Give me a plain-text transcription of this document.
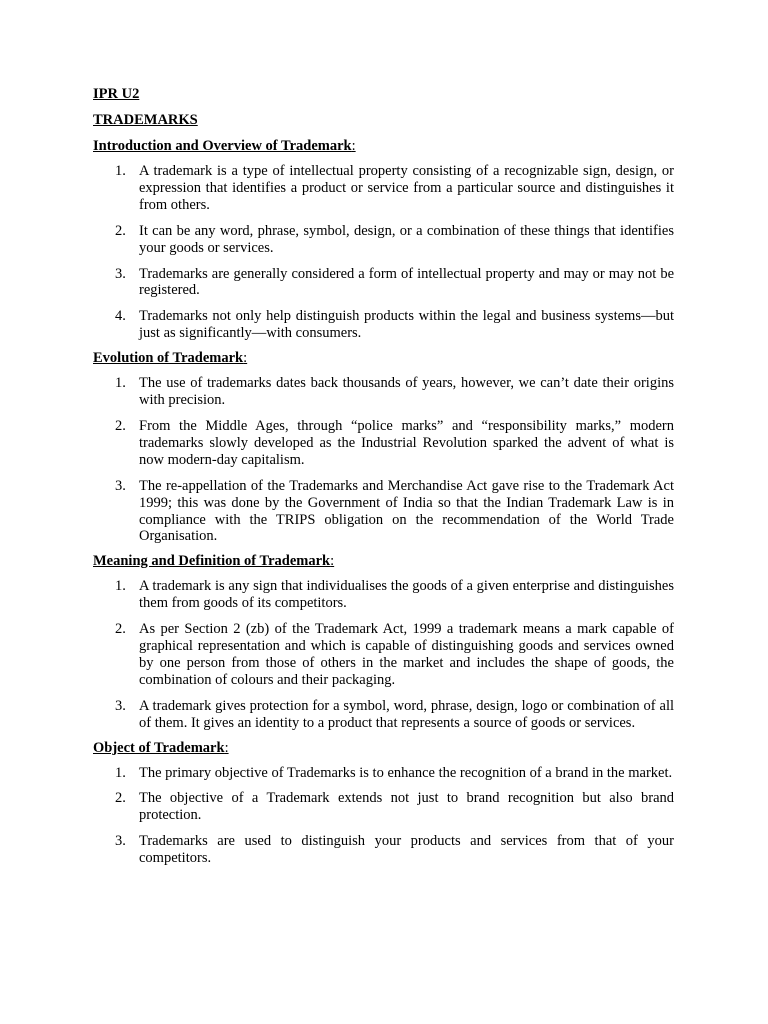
IPR U2
TRADEMARKS
Introduction and Overview of Trademark:
1. A trademark is a type of intellectual property consisting of a recognizable sign, design, or expression that identifies a product or service from a particular source and distinguishes it from others.
2. It can be any word, phrase, symbol, design, or a combination of these things that identifies your goods or services.
3. Trademarks are generally considered a form of intellectual property and may or may not be registered.
4. Trademarks not only help distinguish products within the legal and business systems—but just as significantly—with consumers.
Evolution of Trademark:
1. The use of trademarks dates back thousands of years, however, we can’t date their origins with precision.
2. From the Middle Ages, through “police marks” and “responsibility marks,” modern trademarks slowly developed as the Industrial Revolution sparked the advent of what is now modern-day capitalism.
3. The re-appellation of the Trademarks and Merchandise Act gave rise to the Trademark Act 1999; this was done by the Government of India so that the Indian Trademark Law is in compliance with the TRIPS obligation on the recommendation of the World Trade Organisation.
Meaning and Definition of Trademark:
1. A trademark is any sign that individualises the goods of a given enterprise and distinguishes them from goods of its competitors.
2. As per Section 2 (zb) of the Trademark Act, 1999 a trademark means a mark capable of graphical representation and which is capable of distinguishing goods and services owned by one person from those of others in the market and includes the shape of goods, the combination of colours and their packaging.
3. A trademark gives protection for a symbol, word, phrase, design, logo or combination of all of them. It gives an identity to a product that represents a source of goods or services.
Object of Trademark:
1. The primary objective of Trademarks is to enhance the recognition of a brand in the market.
2. The objective of a Trademark extends not just to brand recognition but also brand protection.
3. Trademarks are used to distinguish your products and services from that of your competitors.
